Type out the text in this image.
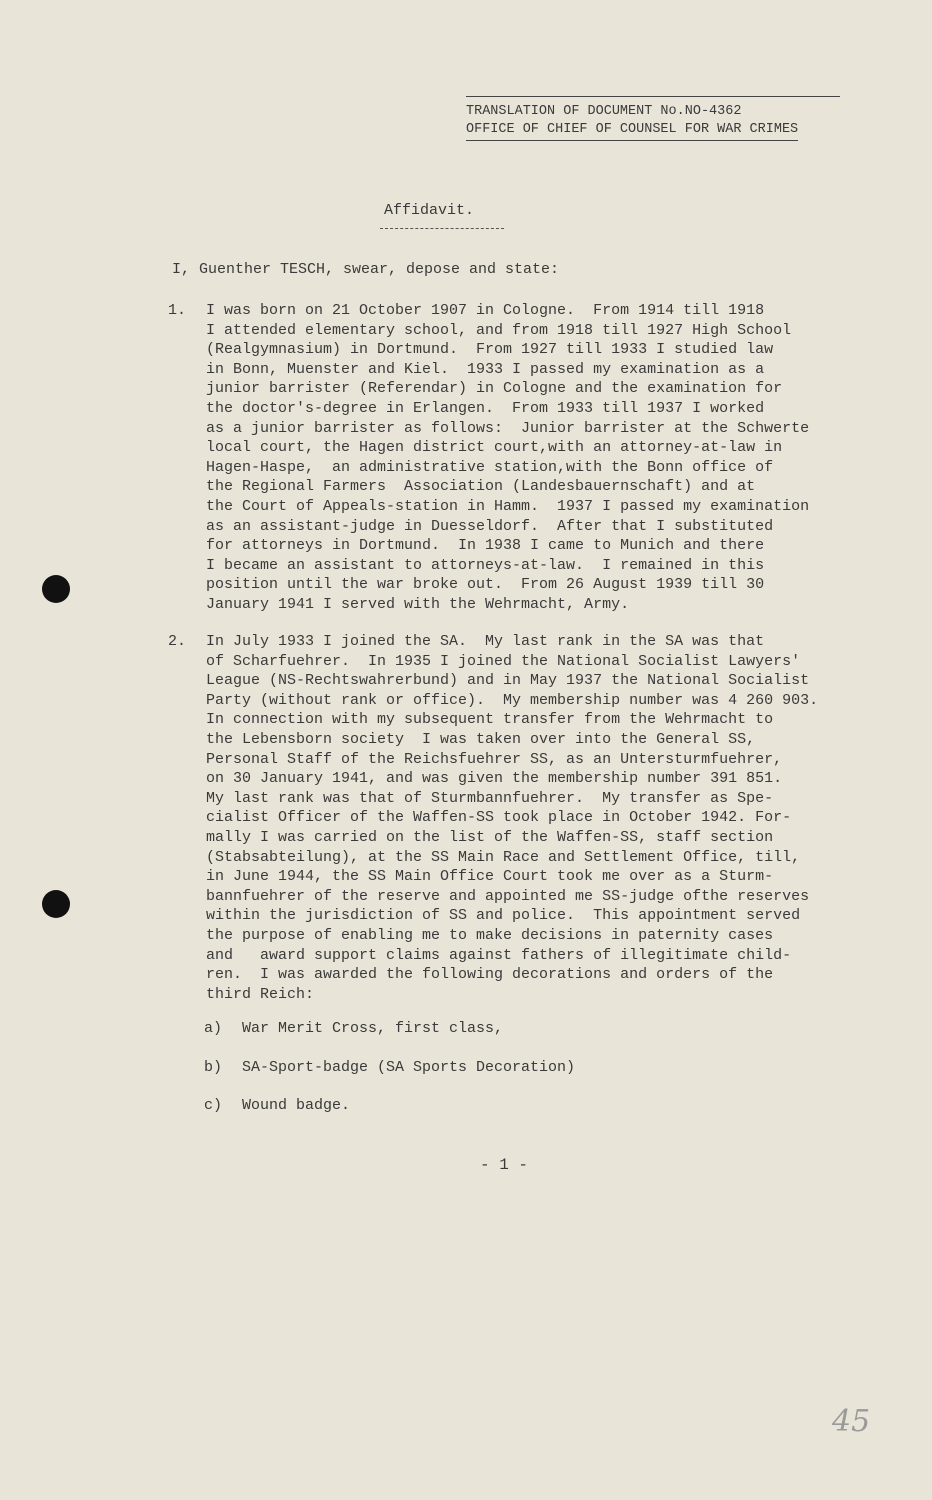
TRANSLATION OF DOCUMENT No.NO-4362
OFFICE OF CHIEF OF COUNSEL FOR WAR CRIMES
Affidavit.
I, Guenther TESCH, swear, depose and state:
1. I was born on 21 October 1907 in Cologne.  From 1914 till 1918
I attended elementary school, and from 1918 till 1927 High School
(Realgymnasium) in Dortmund.  From 1927 till 1933 I studied law
in Bonn, Muenster and Kiel.  1933 I passed my examination as a
junior barrister (Referendar) in Cologne and the examination for
the doctor's-degree in Erlangen.  From 1933 till 1937 I worked
as a junior barrister as follows:  Junior barrister at the Schwerte
local court, the Hagen district court,with an attorney-at-law in
Hagen-Haspe,  an administrative station,with the Bonn office of
the Regional Farmers  Association (Landesbauernschaft) and at
the Court of Appeals-station in Hamm.  1937 I passed my examination
as an assistant-judge in Duesseldorf.  After that I substituted
for attorneys in Dortmund.  In 1938 I came to Munich and there
I became an assistant to attorneys-at-law.  I remained in this
position until the war broke out.  From 26 August 1939 till 30
January 1941 I served with the Wehrmacht, Army.
2. In July 1933 I joined the SA.  My last rank in the SA was that
of Scharfuehrer.  In 1935 I joined the National Socialist Lawyers'
League (NS-Rechtswahrerbund) and in May 1937 the National Socialist
Party (without rank or office).  My membership number was 4 260 903.
In connection with my subsequent transfer from the Wehrmacht to
the Lebensborn society  I was taken over into the General SS,
Personal Staff of the Reichsfuehrer SS, as an Untersturmfuehrer,
on 30 January 1941, and was given the membership number 391 851.
My last rank was that of Sturmbannfuehrer.  My transfer as Spe-
cialist Officer of the Waffen-SS took place in October 1942. For-
mally I was carried on the list of the Waffen-SS, staff section
(Stabsabteilung), at the SS Main Race and Settlement Office, till,
in June 1944, the SS Main Office Court took me over as a Sturm-
bannfuehrer of the reserve and appointed me SS-judge ofthe reserves
within the jurisdiction of SS and police.  This appointment served
the purpose of enabling me to make decisions in paternity cases
and   award support claims against fathers of illegitimate child-
ren.  I was awarded the following decorations and orders of the
third Reich:
a) War Merit Cross, first class,
b) SA-Sport-badge (SA Sports Decoration)
c) Wound badge.
- 1 -
45
